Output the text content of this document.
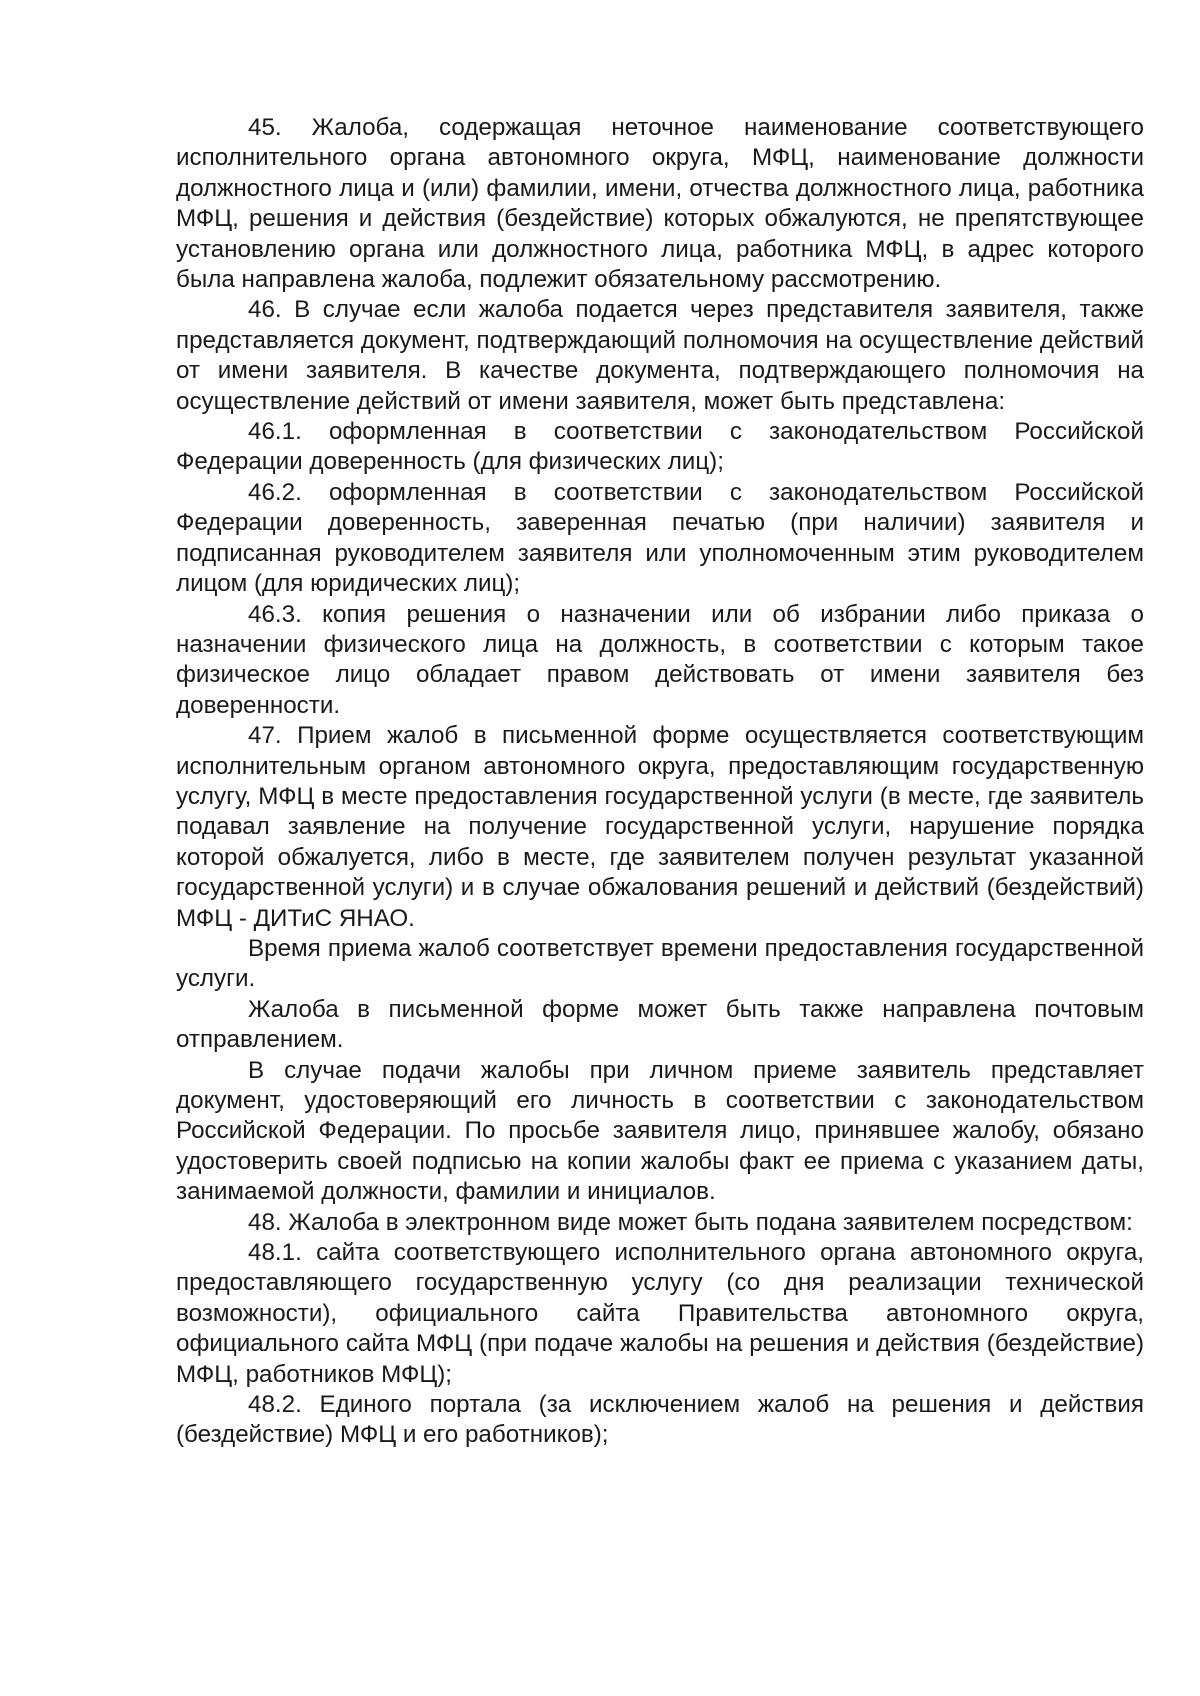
45. Жалоба, содержащая неточное наименование соответствующего исполнительного органа автономного округа, МФЦ, наименование должности должностного лица и (или) фамилии, имени, отчества должностного лица, работника МФЦ, решения и действия (бездействие) которых обжалуются, не препятствующее установлению органа или должностного лица, работника МФЦ, в адрес которого была направлена жалоба, подлежит обязательному рассмотрению.

46. В случае если жалоба подается через представителя заявителя, также представляется документ, подтверждающий полномочия на осуществление действий от имени заявителя. В качестве документа, подтверждающего полномочия на осуществление действий от имени заявителя, может быть представлена:

46.1. оформленная в соответствии с законодательством Российской Федерации доверенность (для физических лиц);

46.2. оформленная в соответствии с законодательством Российской Федерации доверенность, заверенная печатью (при наличии) заявителя и подписанная руководителем заявителя или уполномоченным этим руководителем лицом (для юридических лиц);

46.3. копия решения о назначении или об избрании либо приказа о назначении физического лица на должность, в соответствии с которым такое физическое лицо обладает правом действовать от имени заявителя без доверенности.

47. Прием жалоб в письменной форме осуществляется соответствующим исполнительным органом автономного округа, предоставляющим государственную услугу, МФЦ в месте предоставления государственной услуги (в месте, где заявитель подавал заявление на получение государственной услуги, нарушение порядка которой обжалуется, либо в месте, где заявителем получен результат указанной государственной услуги) и в случае обжалования решений и действий (бездействий) МФЦ - ДИТиС ЯНАО.

Время приема жалоб соответствует времени предоставления государственной услуги.

Жалоба в письменной форме может быть также направлена почтовым отправлением.

В случае подачи жалобы при личном приеме заявитель представляет документ, удостоверяющий его личность в соответствии с законодательством Российской Федерации. По просьбе заявителя лицо, принявшее жалобу, обязано удостоверить своей подписью на копии жалобы факт ее приема с указанием даты, занимаемой должности, фамилии и инициалов.

48. Жалоба в электронном виде может быть подана заявителем посредством:

48.1. сайта соответствующего исполнительного органа автономного округа, предоставляющего государственную услугу (со дня реализации технической возможности), официального сайта Правительства автономного округа, официального сайта МФЦ (при подаче жалобы на решения и действия (бездействие) МФЦ, работников МФЦ);

48.2. Единого портала (за исключением жалоб на решения и действия (бездействие) МФЦ и его работников);
